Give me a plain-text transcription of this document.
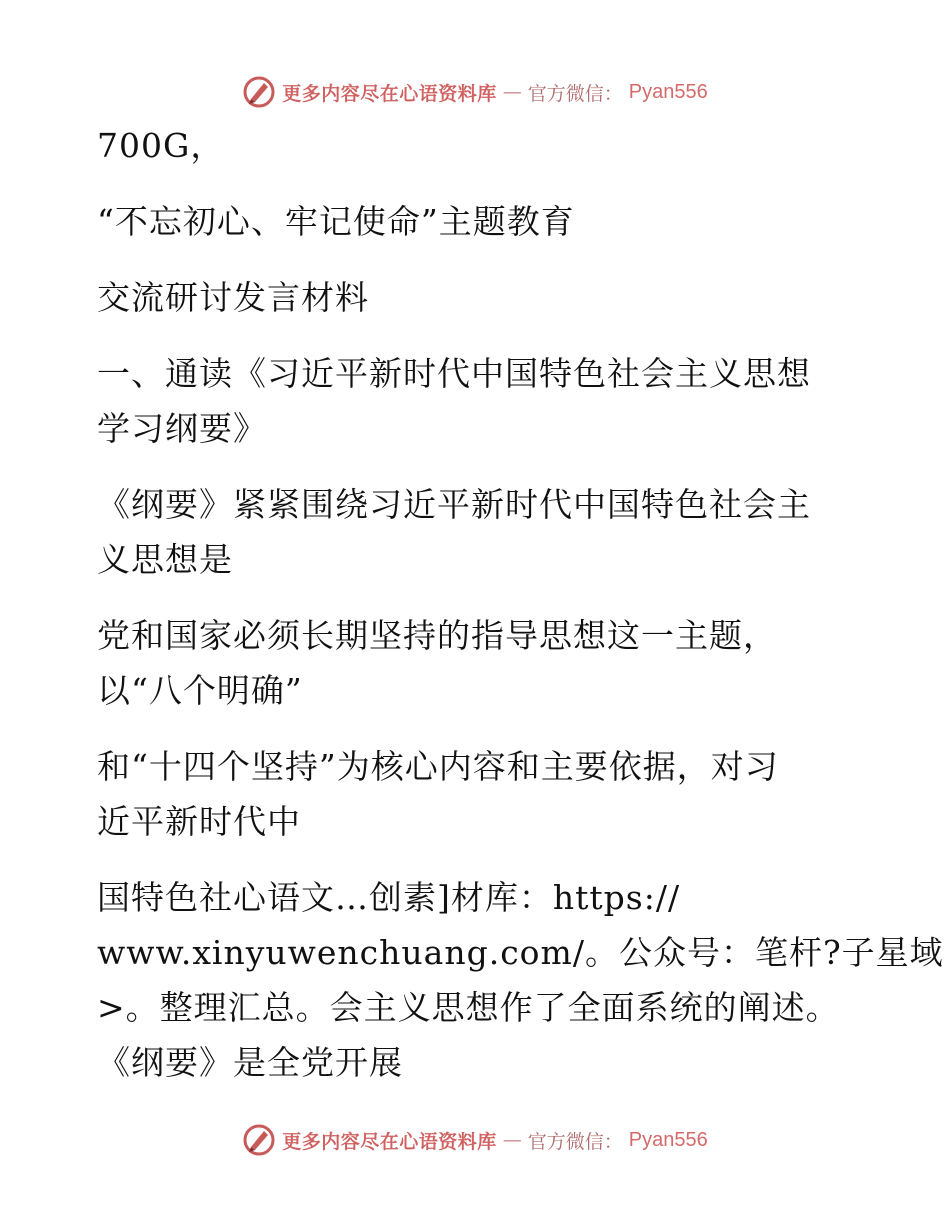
更多内容尽在心语资料库 — 官方微信： Pyan556

700G，

“不忘初心、牢记使命”主题教育

交流研讨发言材料

一、通读《习近平新时代中国特色社会主义思想

学习纲要》

《纲要》紧紧围绕习近平新时代中国特色社会主

义思想是

党和国家必须长期坚持的指导思想这一主题，

以“八个明确”

和“十四个坚持”为核心内容和主要依据，对习

近平新时代中

国特色社心语文…创素]材库：https://

www.xinyuwenchuang.com/。公众号：笔杆?子星域

>。整理汇总。会主义思想作了全面系统的阐述。

《纲要》是全党开展

更多内容尽在心语资料库 — 官方微信： Pyan556
